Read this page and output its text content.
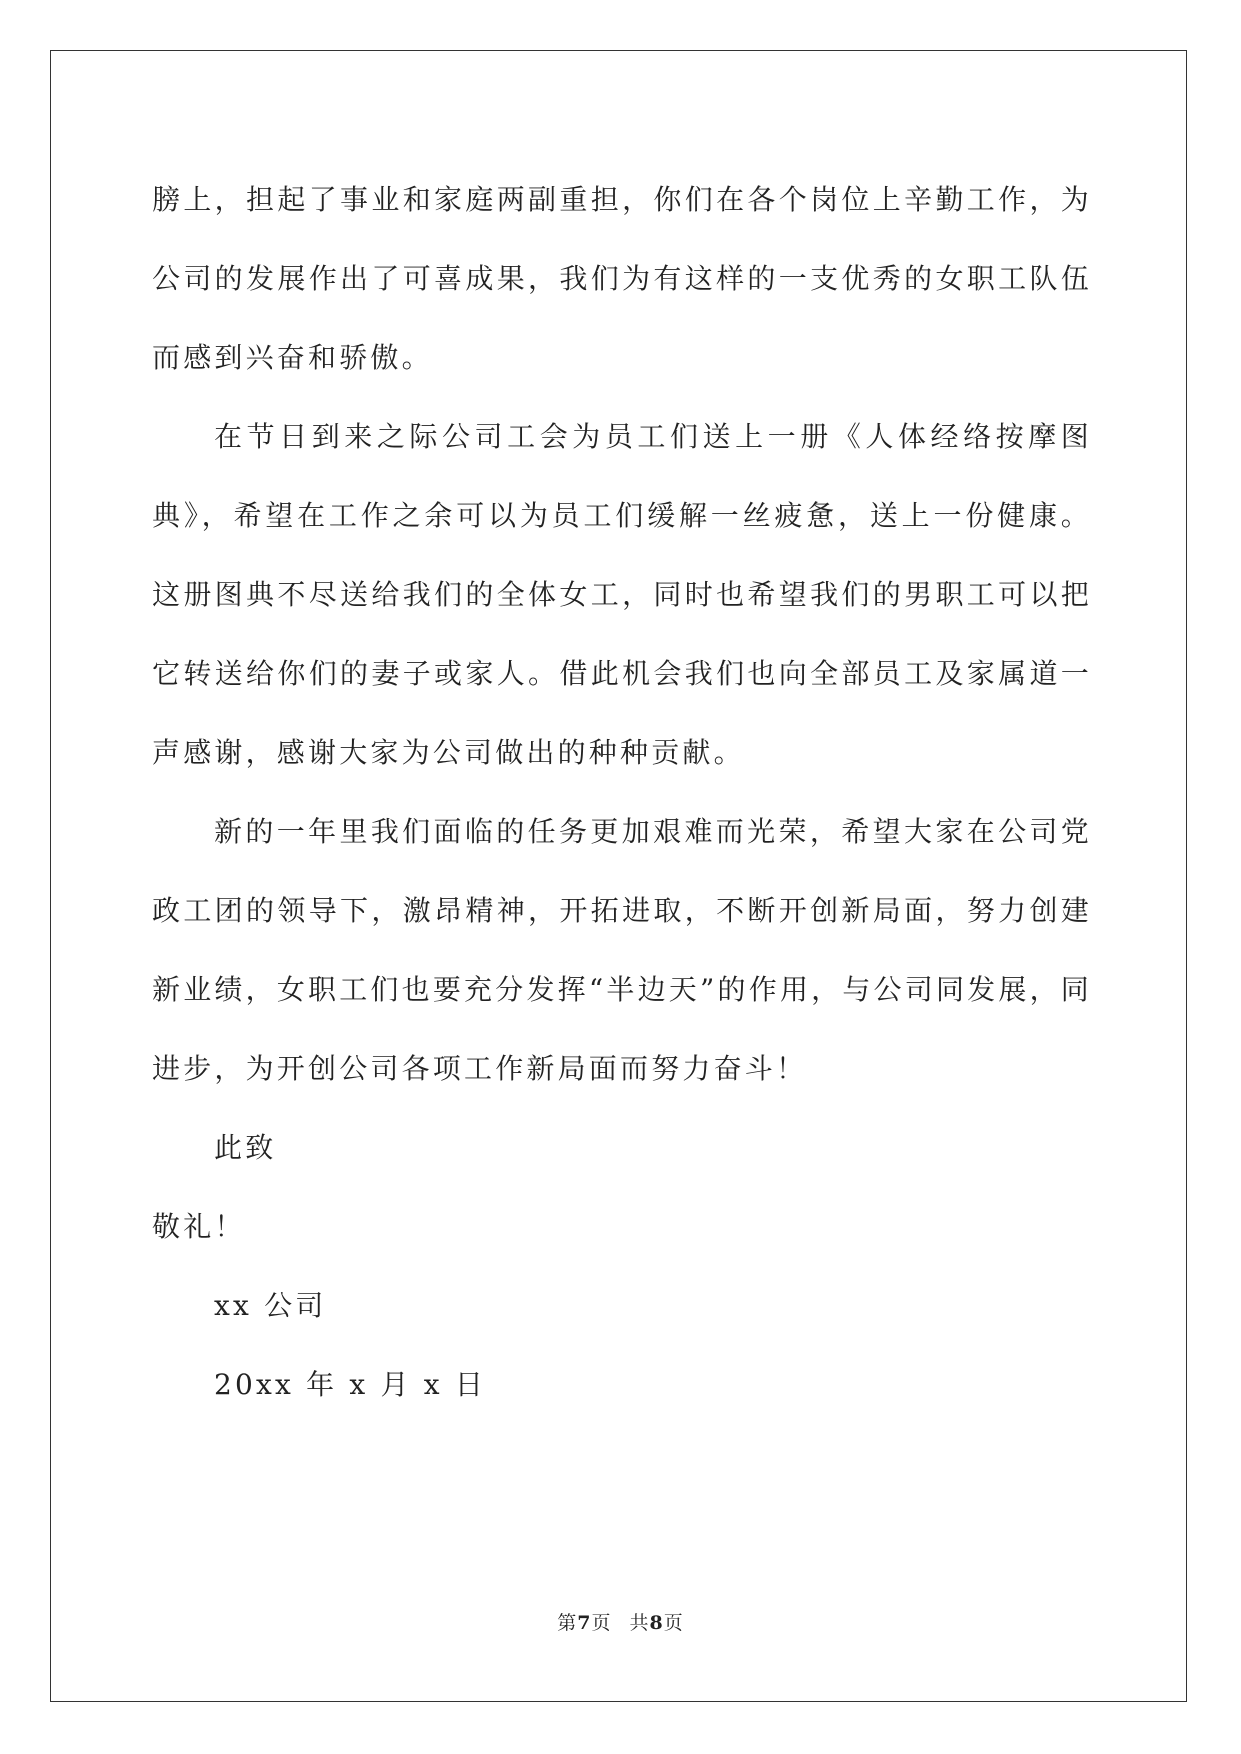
膀上，担起了事业和家庭两副重担，你们在各个岗位上辛勤工作，为公司的发展作出了可喜成果，我们为有这样的一支优秀的女职工队伍而感到兴奋和骄傲。

在节日到来之际公司工会为员工们送上一册《人体经络按摩图典》，希望在工作之余可以为员工们缓解一丝疲惫，送上一份健康。这册图典不尽送给我们的全体女工，同时也希望我们的男职工可以把它转送给你们的妻子或家人。借此机会我们也向全部员工及家属道一声感谢，感谢大家为公司做出的种种贡献。

新的一年里我们面临的任务更加艰难而光荣，希望大家在公司党政工团的领导下，激昂精神，开拓进取，不断开创新局面，努力创建新业绩，女职工们也要充分发挥“半边天”的作用，与公司同发展，同进步，为开创公司各项工作新局面而努力奋斗！

此致

敬礼！

xx 公司

20xx 年 x 月 x 日

第7页 共8页
